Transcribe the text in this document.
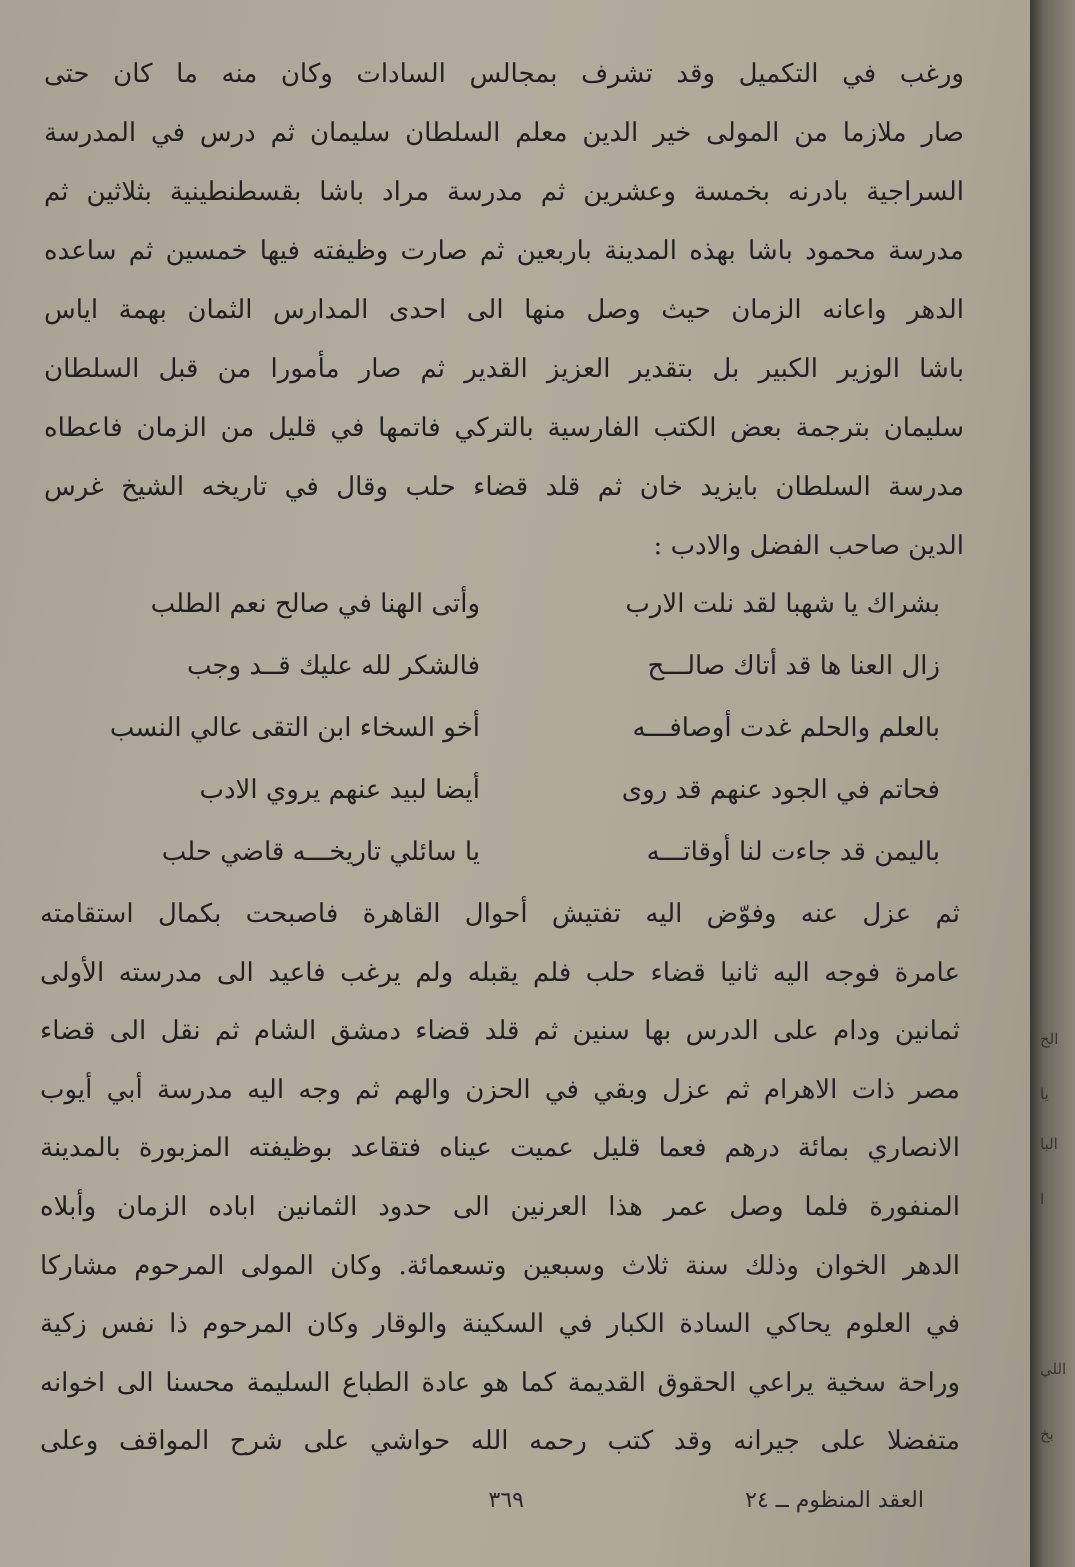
ورغب في التكميل وقد تشرف بمجالس السادات وكان منه ما كان حتى
صار ملازما من المولى خير الدين معلم السلطان سليمان ثم درس في المدرسة
السراجية بادرنه بخمسة وعشرين ثم مدرسة مراد باشا بقسطنطينية بثلاثين ثم
مدرسة محمود باشا بهذه المدينة باربعين ثم صارت وظيفته فيها خمسين ثم ساعده
الدهر واعانه الزمان حيث وصل منها الى احدى المدارس الثمان بهمة اياس
باشا الوزير الكبير بل بتقدير العزيز القدير ثم صار مأمورا من قبل السلطان
سليمان بترجمة بعض الكتب الفارسية بالتركي فاتمها في قليل من الزمان فاعطاه
مدرسة السلطان بايزيد خان ثم قلد قضاء حلب وقال في تاريخه الشيخ غرس
الدين صاحب الفضل والادب :
بشراك يا شهبا لقد نلت الارب
وأتى الهنا في صالح نعم الطلب
زال العنا ها قد أتاك صالـــح
فالشكر لله عليك قــد وجب
بالعلم والحلم غدت أوصافـــه
أخو السخاء ابن التقى عالي النسب
فحاتم في الجود عنهم قد روى
أيضا لبيد عنهم يروي الادب
باليمن قد جاءت لنا أوقاتـــه
يا سائلي تاريخـــه قاضي حلب
ثم عزل عنه وفوّض اليه تفتيش أحوال القاهرة فاصبحت بكمال استقامته
عامرة فوجه اليه ثانيا قضاء حلب فلم يقبله ولم يرغب فاعيد الى مدرسته الأولى
ثمانين ودام على الدرس بها سنين ثم قلد قضاء دمشق الشام ثم نقل الى قضاء
مصر ذات الاهرام ثم عزل وبقي في الحزن والهم ثم وجه اليه مدرسة أبي أيوب
الانصاري بمائة درهم فعما قليل عميت عيناه فتقاعد بوظيفته المزبورة بالمدينة
المنفورة فلما وصل عمر هذا العرنين الى حدود الثمانين اباده الزمان وأبلاه
الدهر الخوان وذلك سنة ثلاث وسبعين وتسعمائة. وكان المولى المرحوم مشاركا
في العلوم يحاكي السادة الكبار في السكينة والوقار وكان المرحوم ذا نفس زكية
وراحة سخية يراعي الحقوق القديمة كما هو عادة الطباع السليمة محسنا الى اخوانه
متفضلا على جيرانه وقد كتب رحمه الله حواشي على شرح المواقف وعلى
العقد المنظوم ــ ٢٤
٣٦٩
الح
يا
البا
ا
اللي
بخ
